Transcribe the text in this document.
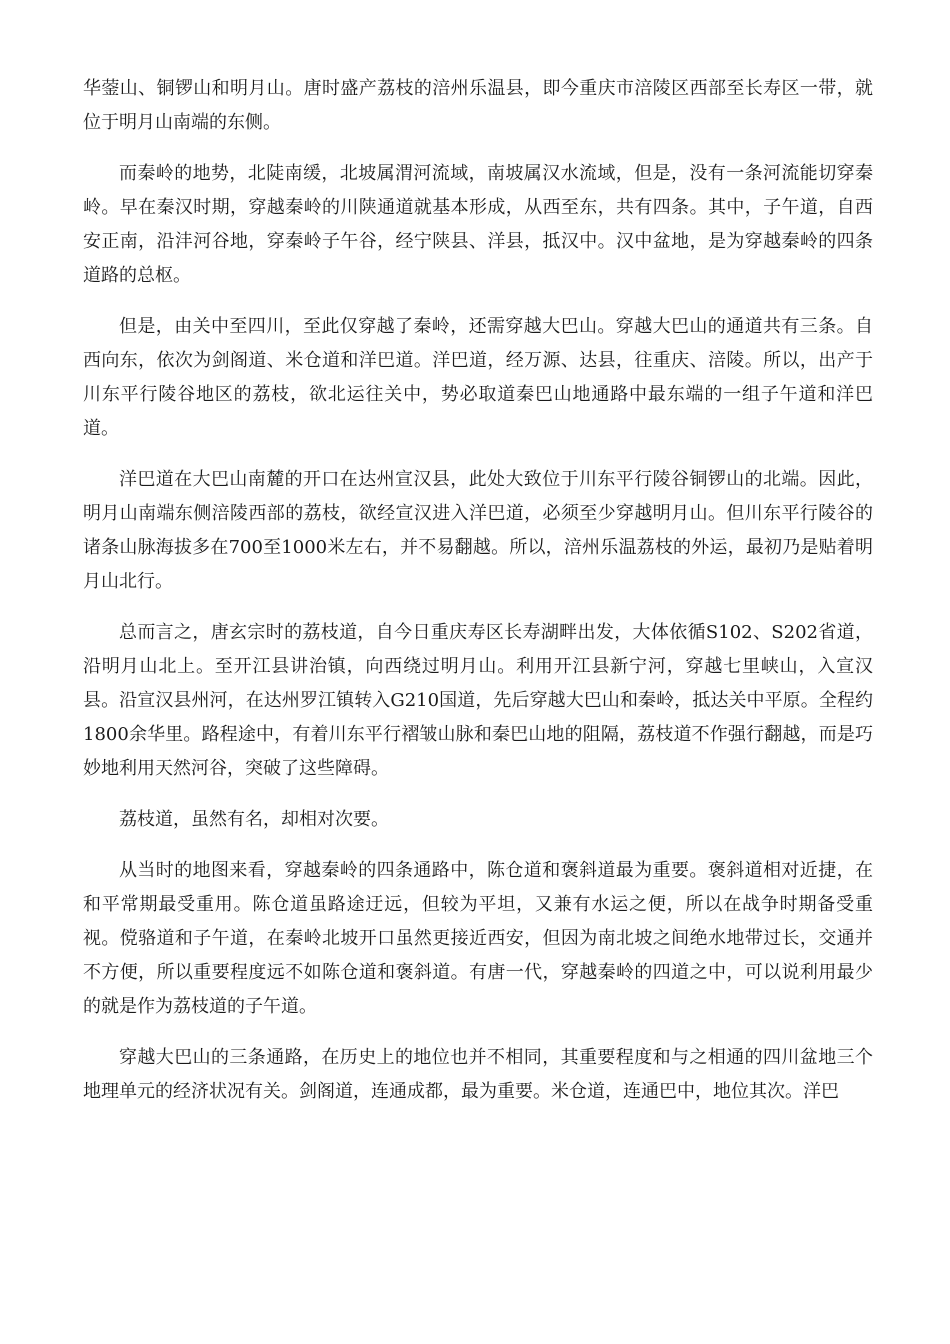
华蓥山、铜锣山和明月山。唐时盛产荔枝的涪州乐温县，即今重庆市涪陵区西部至长寿区一带，就位于明月山南端的东侧。

而秦岭的地势，北陡南缓，北坡属渭河流域，南坡属汉水流域，但是，没有一条河流能切穿秦岭。早在秦汉时期，穿越秦岭的川陕通道就基本形成，从西至东，共有四条。其中，子午道，自西安正南，沿沣河谷地，穿秦岭子午谷，经宁陕县、洋县，抵汉中。汉中盆地，是为穿越秦岭的四条道路的总枢。

但是，由关中至四川，至此仅穿越了秦岭，还需穿越大巴山。穿越大巴山的通道共有三条。自西向东，依次为剑阁道、米仓道和洋巴道。洋巴道，经万源、达县，往重庆、涪陵。所以，出产于川东平行陵谷地区的荔枝，欲北运往关中，势必取道秦巴山地通路中最东端的一组子午道和洋巴道。

洋巴道在大巴山南麓的开口在达州宣汉县，此处大致位于川东平行陵谷铜锣山的北端。因此，明月山南端东侧涪陵西部的荔枝，欲经宣汉进入洋巴道，必须至少穿越明月山。但川东平行陵谷的诸条山脉海拔多在700至1000米左右，并不易翻越。所以，涪州乐温荔枝的外运，最初乃是贴着明月山北行。

总而言之，唐玄宗时的荔枝道，自今日重庆寿区长寿湖畔出发，大体依循S102、S202省道，沿明月山北上。至开江县讲治镇，向西绕过明月山。利用开江县新宁河，穿越七里峡山，入宣汉县。沿宣汉县州河，在达州罗江镇转入G210国道，先后穿越大巴山和秦岭，抵达关中平原。全程约1800余华里。路程途中，有着川东平行褶皱山脉和秦巴山地的阻隔，荔枝道不作强行翻越，而是巧妙地利用天然河谷，突破了这些障碍。

荔枝道，虽然有名，却相对次要。

从当时的地图来看，穿越秦岭的四条通路中，陈仓道和褒斜道最为重要。褒斜道相对近捷，在和平常期最受重用。陈仓道虽路途迂远，但较为平坦，又兼有水运之便，所以在战争时期备受重视。傥骆道和子午道，在秦岭北坡开口虽然更接近西安，但因为南北坡之间绝水地带过长，交通并不方便，所以重要程度远不如陈仓道和褒斜道。有唐一代，穿越秦岭的四道之中，可以说利用最少的就是作为荔枝道的子午道。

穿越大巴山的三条通路，在历史上的地位也并不相同，其重要程度和与之相通的四川盆地三个地理单元的经济状况有关。剑阁道，连通成都，最为重要。米仓道，连通巴中，地位其次。洋巴
